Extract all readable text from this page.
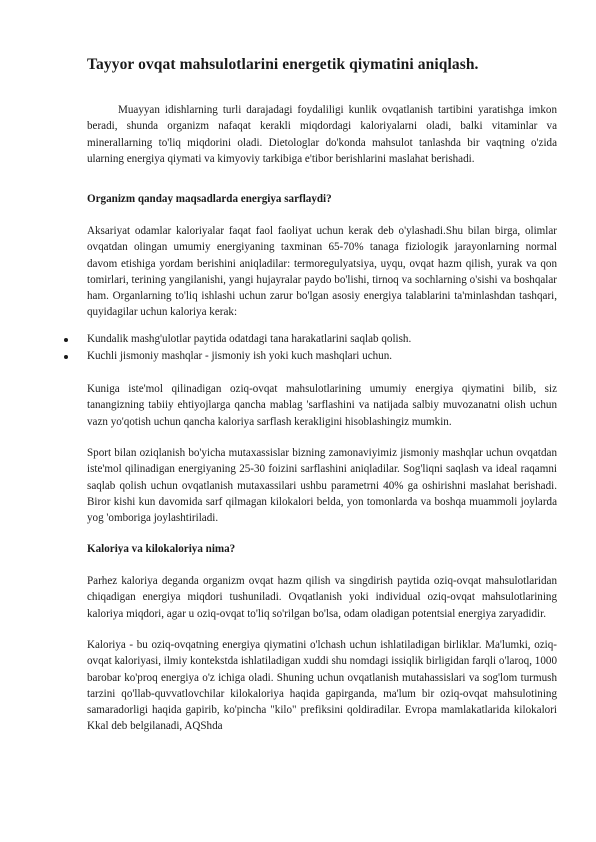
Tayyor ovqat mahsulotlarini energetik qiymatini aniqlash.

Muayyan idishlarning turli darajadagi foydaliligi kunlik ovqatlanish tartibini yaratishga imkon beradi, shunda organizm nafaqat kerakli miqdordagi kaloriyalarni oladi, balki vitaminlar va minerallarning to'liq miqdorini oladi. Dietologlar do'konda mahsulot tanlashda bir vaqtning o'zida ularning energiya qiymati va kimyoviy tarkibiga e'tibor berishlarini maslahat berishadi.

Organizm qanday maqsadlarda energiya sarflaydi?

Aksariyat odamlar kaloriyalar faqat faol faoliyat uchun kerak deb o'ylashadi.Shu bilan birga, olimlar ovqatdan olingan umumiy energiyaning taxminan 65-70% tanaga fiziologik jarayonlarning normal davom etishiga yordam berishini aniqladilar: termoregulyatsiya, uyqu, ovqat hazm qilish, yurak va qon tomirlari, terining yangilanishi, yangi hujayralar paydo bo'lishi, tirnoq va sochlarning o'sishi va boshqalar ham. Organlarning to'liq ishlashi uchun zarur bo'lgan asosiy energiya talablarini ta'minlashdan tashqari, quyidagilar uchun kaloriya kerak:

Kundalik mashg'ulotlar paytida odatdagi tana harakatlarini saqlab qolish.
Kuchli jismoniy mashqlar - jismoniy ish yoki kuch mashqlari uchun.

Kuniga iste'mol qilinadigan oziq-ovqat mahsulotlarining umumiy energiya qiymatini bilib, siz tanangizning tabiiy ehtiyojlarga qancha mablag 'sarflashini va natijada salbiy muvozanatni olish uchun vazn yo'qotish uchun qancha kaloriya sarflash kerakligini hisoblashingiz mumkin.

Sport bilan oziqlanish bo'yicha mutaxassislar bizning zamonaviyimiz jismoniy mashqlar uchun ovqatdan iste'mol qilinadigan energiyaning 25-30 foizini sarflashini aniqladilar. Sog'liqni saqlash va ideal raqamni saqlab qolish uchun ovqatlanish mutaxassilari ushbu parametrni 40% ga oshirishni maslahat berishadi. Biror kishi kun davomida sarf qilmagan kilokalori belda, yon tomonlarda va boshqa muammoli joylarda yog 'omboriga joylashtiriladi.

Kaloriya va kilokaloriya nima?

Parhez kaloriya deganda organizm ovqat hazm qilish va singdirish paytida oziq-ovqat mahsulotlaridan chiqadigan energiya miqdori tushuniladi. Ovqatlanish yoki individual oziq-ovqat mahsulotlarining kaloriya miqdori, agar u oziq-ovqat to'liq so'rilgan bo'lsa, odam oladigan potentsial energiya zaryadidir.

Kaloriya - bu oziq-ovqatning energiya qiymatini o'lchash uchun ishlatiladigan birliklar. Ma'lumki, oziq-ovqat kaloriyasi, ilmiy kontekstda ishlatiladigan xuddi shu nomdagi issiqlik birligidan farqli o'laroq, 1000 barobar ko'proq energiya o'z ichiga oladi. Shuning uchun ovqatlanish mutahassislari va sog'lom turmush tarzini qo'llab-quvvatlovchilar kilokaloriya haqida gapirganda, ma'lum bir oziq-ovqat mahsulotining samaradorligi haqida gapirib, ko'pincha "kilo" prefiksini qoldiradilar. Evropa mamlakatlarida kilokalori Kkal deb belgilanadi, AQShda
